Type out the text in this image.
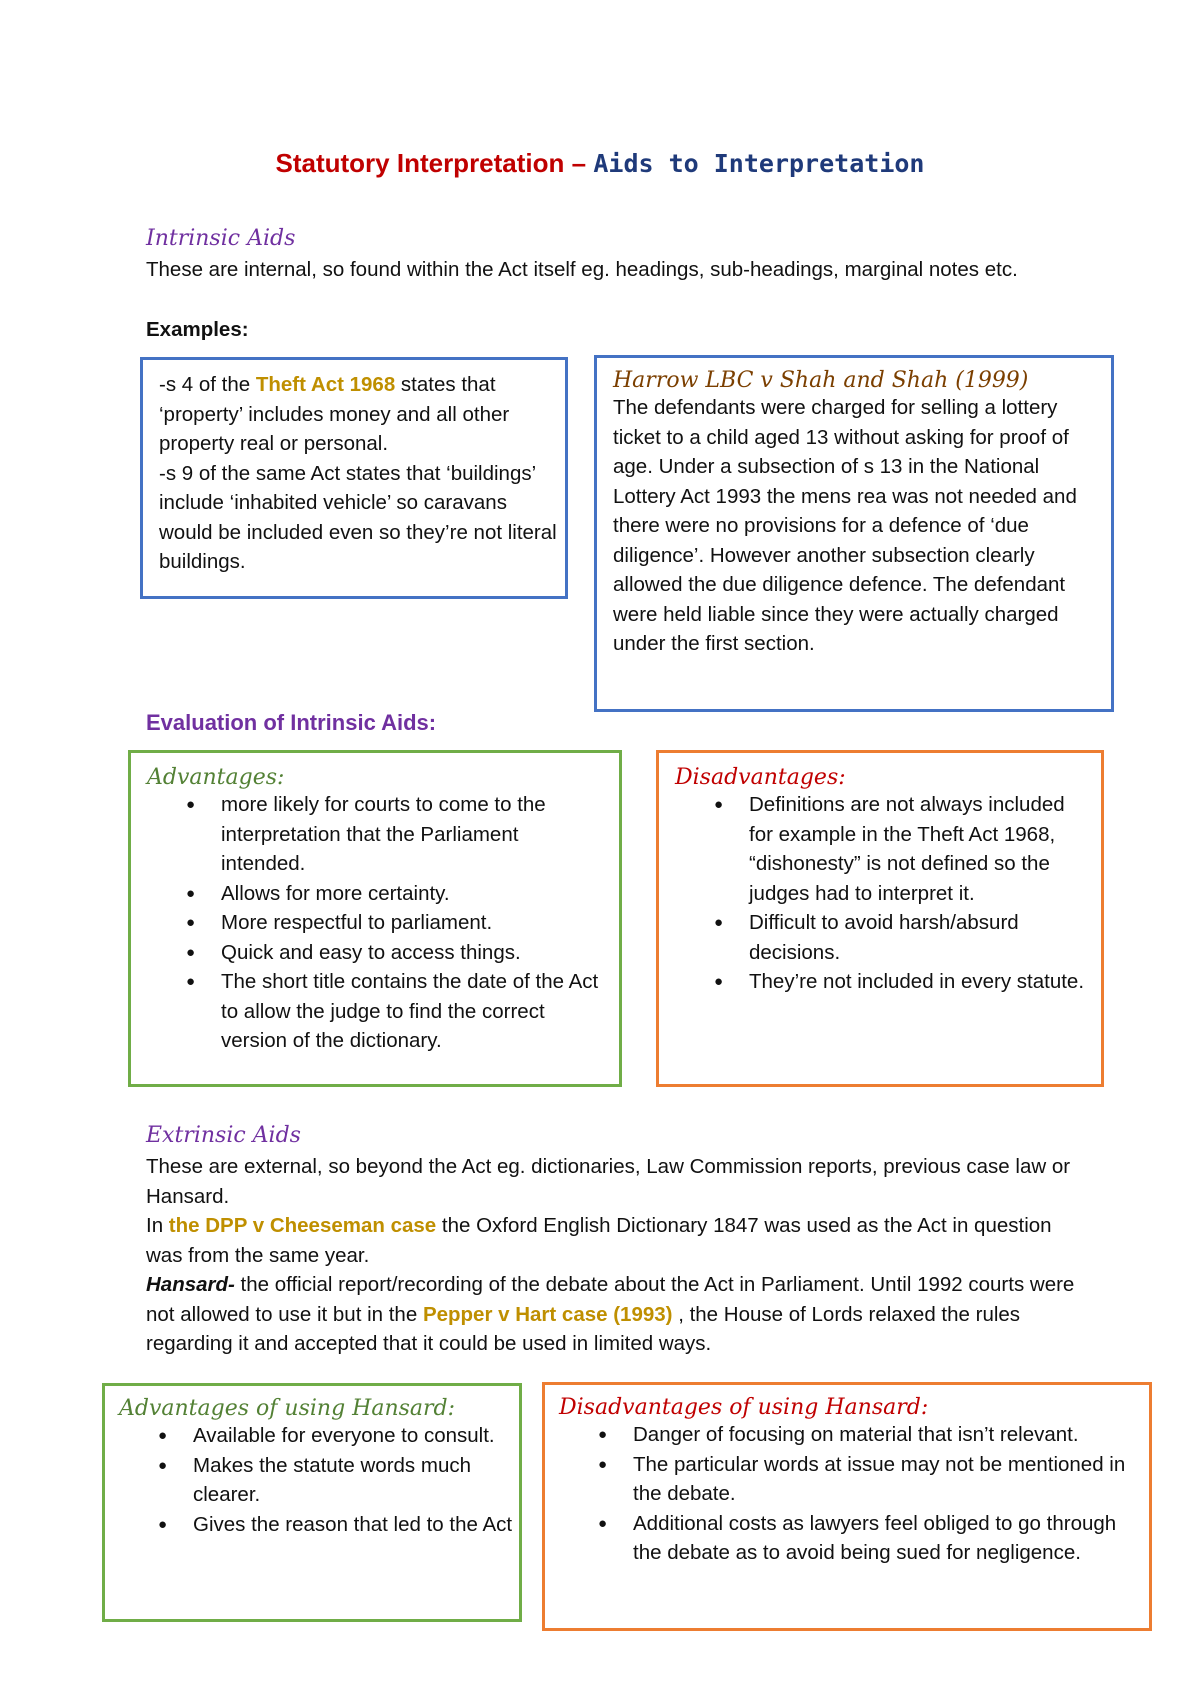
Statutory Interpretation – Aids to Interpretation
Intrinsic Aids
These are internal, so found within the Act itself eg. headings, sub-headings, marginal notes etc.
Examples:

-s 4 of the Theft Act 1968 states that ‘property’ includes money and all other property real or personal.

-s 9 of the same Act states that ‘buildings’ include ‘inhabited vehicle’ so caravans would be included even so they’re not literal buildings.

Harrow LBC v Shah and Shah (1999)
The defendants were charged for selling a lottery ticket to a child aged 13 without asking for proof of age. Under a subsection of s 13 in the National Lottery Act 1993 the mens rea was not needed and there were no provisions for a defence of ‘due diligence’. However another subsection clearly allowed the due diligence defence. The defendant were held liable since they were actually charged under the first section.
Evaluation of Intrinsic Aids:
Advantages:
● more likely for courts to come to the interpretation that the Parliament intended.
● Allows for more certainty.
● More respectful to parliament.
● Quick and easy to access things.
● The short title contains the date of the Act to allow the judge to find the correct version of the dictionary.
Disadvantages:
● Definitions are not always included for example in the Theft Act 1968, “dishonesty” is not defined so the judges had to interpret it.
● Difficult to avoid harsh/absurd decisions.
● They’re not included in every statute.
Extrinsic Aids

These are external, so beyond the Act eg. dictionaries, Law Commission reports, previous case law or Hansard.

In the DPP v Cheeseman case the Oxford English Dictionary 1847 was used as the Act in question was from the same year.

Hansard- the official report/recording of the debate about the Act in Parliament. Until 1992 courts were not allowed to use it but in the Pepper v Hart case (1993) , the House of Lords relaxed the rules regarding it and accepted that it could be used in limited ways.

Advantages of using Hansard:
● Available for everyone to consult.
● Makes the statute words much clearer.
● Gives the reason that led to the Act
Disadvantages of using Hansard:
● Danger of focusing on material that isn’t relevant.
● The particular words at issue may not be mentioned in the debate.
● Additional costs as lawyers feel obliged to go through the debate as to avoid being sued for negligence.
